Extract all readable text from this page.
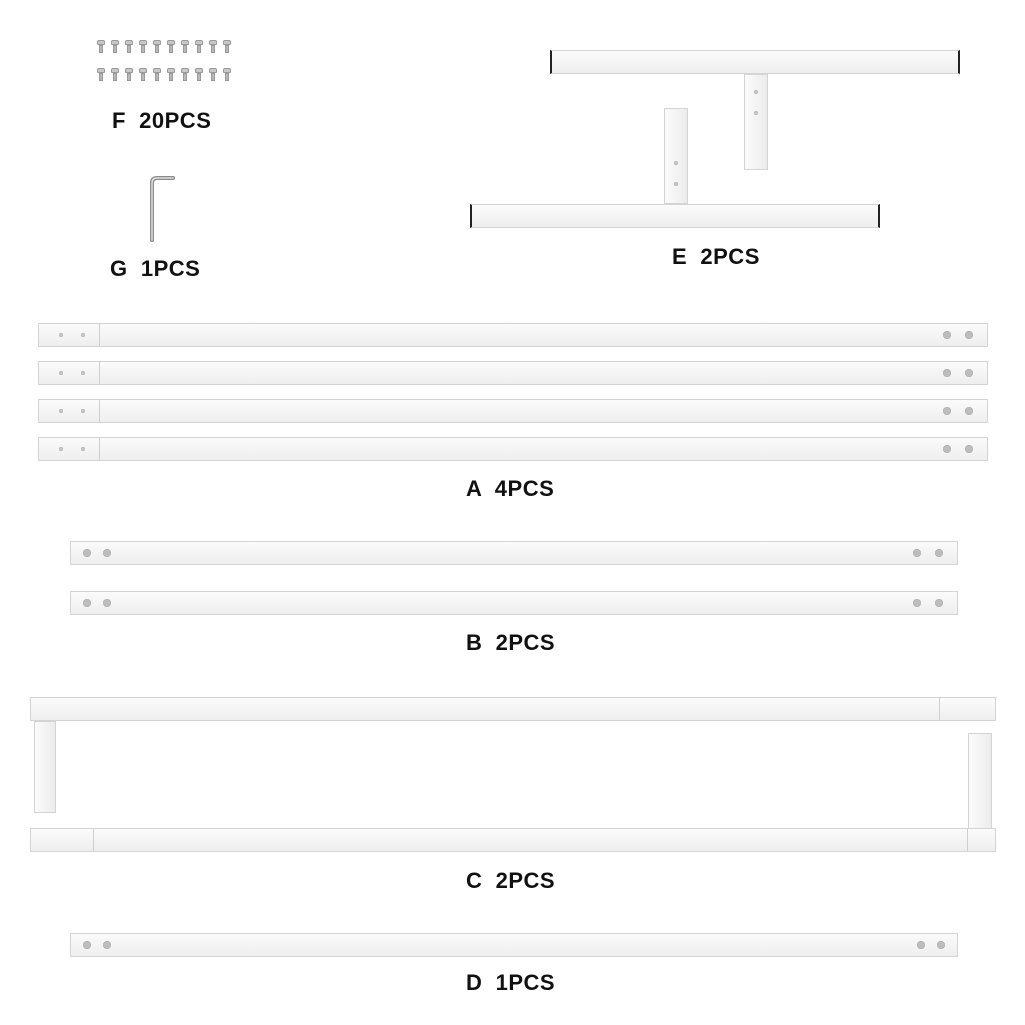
F  20PCS
G  1PCS	E  2PCS
A  4PCS
B  2PCS
C  2PCS
D  1PCS
